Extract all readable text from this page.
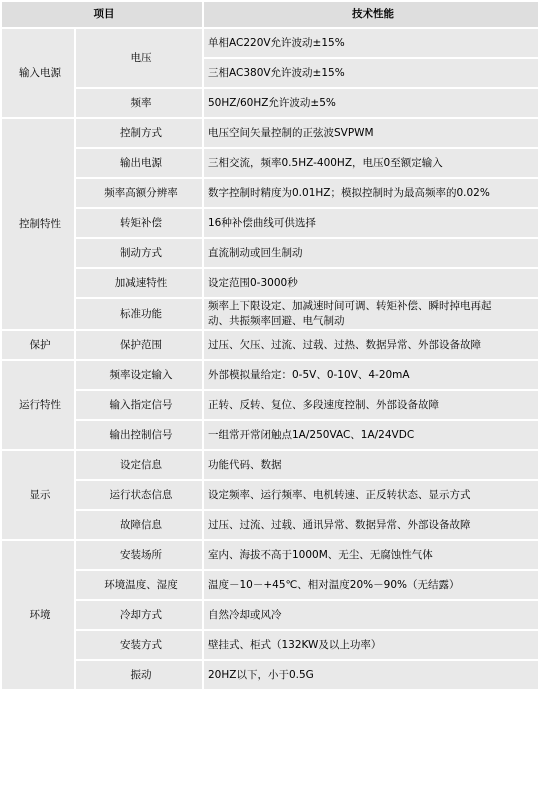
项目		技术性能
输入电源	电压	单相AC220V允许波动±15%
		三相AC380V允许波动±15%
	频率	50HZ/60HZ允许波动±5%
控制特性	控制方式	电压空间矢量控制的正弦波SVPWM
	输出电源	三相交流，频率0.5HZ-400HZ，电压0至额定输入
	频率高额分辨率	数字控制时精度为0.01HZ；模拟控制时为最高频率的0.02%
	转矩补偿	16种补偿曲线可供选择
	制动方式	直流制动或回生制动
	加减速特性	设定范围0-3000秒
	标准功能	频率上下限设定、加减速时间可调、转矩补偿、瞬时掉电再起
动、共振频率回避、电气制动
保护	保护范围	过压、欠压、过流、过载、过热、数据异常、外部设备故障
运行特性	频率设定输入	外部模拟量给定：0-5V、0-10V、4-20mA
	输入指定信号	正转、反转、复位、多段速度控制、外部设备故障
	输出控制信号	一组常开常闭触点1A/250VAC、1A/24VDC
显示	设定信息	功能代码、数据
	运行状态信息	设定频率、运行频率、电机转速、正反转状态、显示方式
	故障信息	过压、过流、过载、通讯异常、数据异常、外部设备故障
环境	安装场所	室内、海拔不高于1000M、无尘、无腐蚀性气体
	环境温度、湿度	温度－10－+45℃、相对温度20%－90%（无结露）
	冷却方式	自然冷却或风冷
	安装方式	壁挂式、柜式（132KW及以上功率）
	振动	20HZ以下，小于0.5G
